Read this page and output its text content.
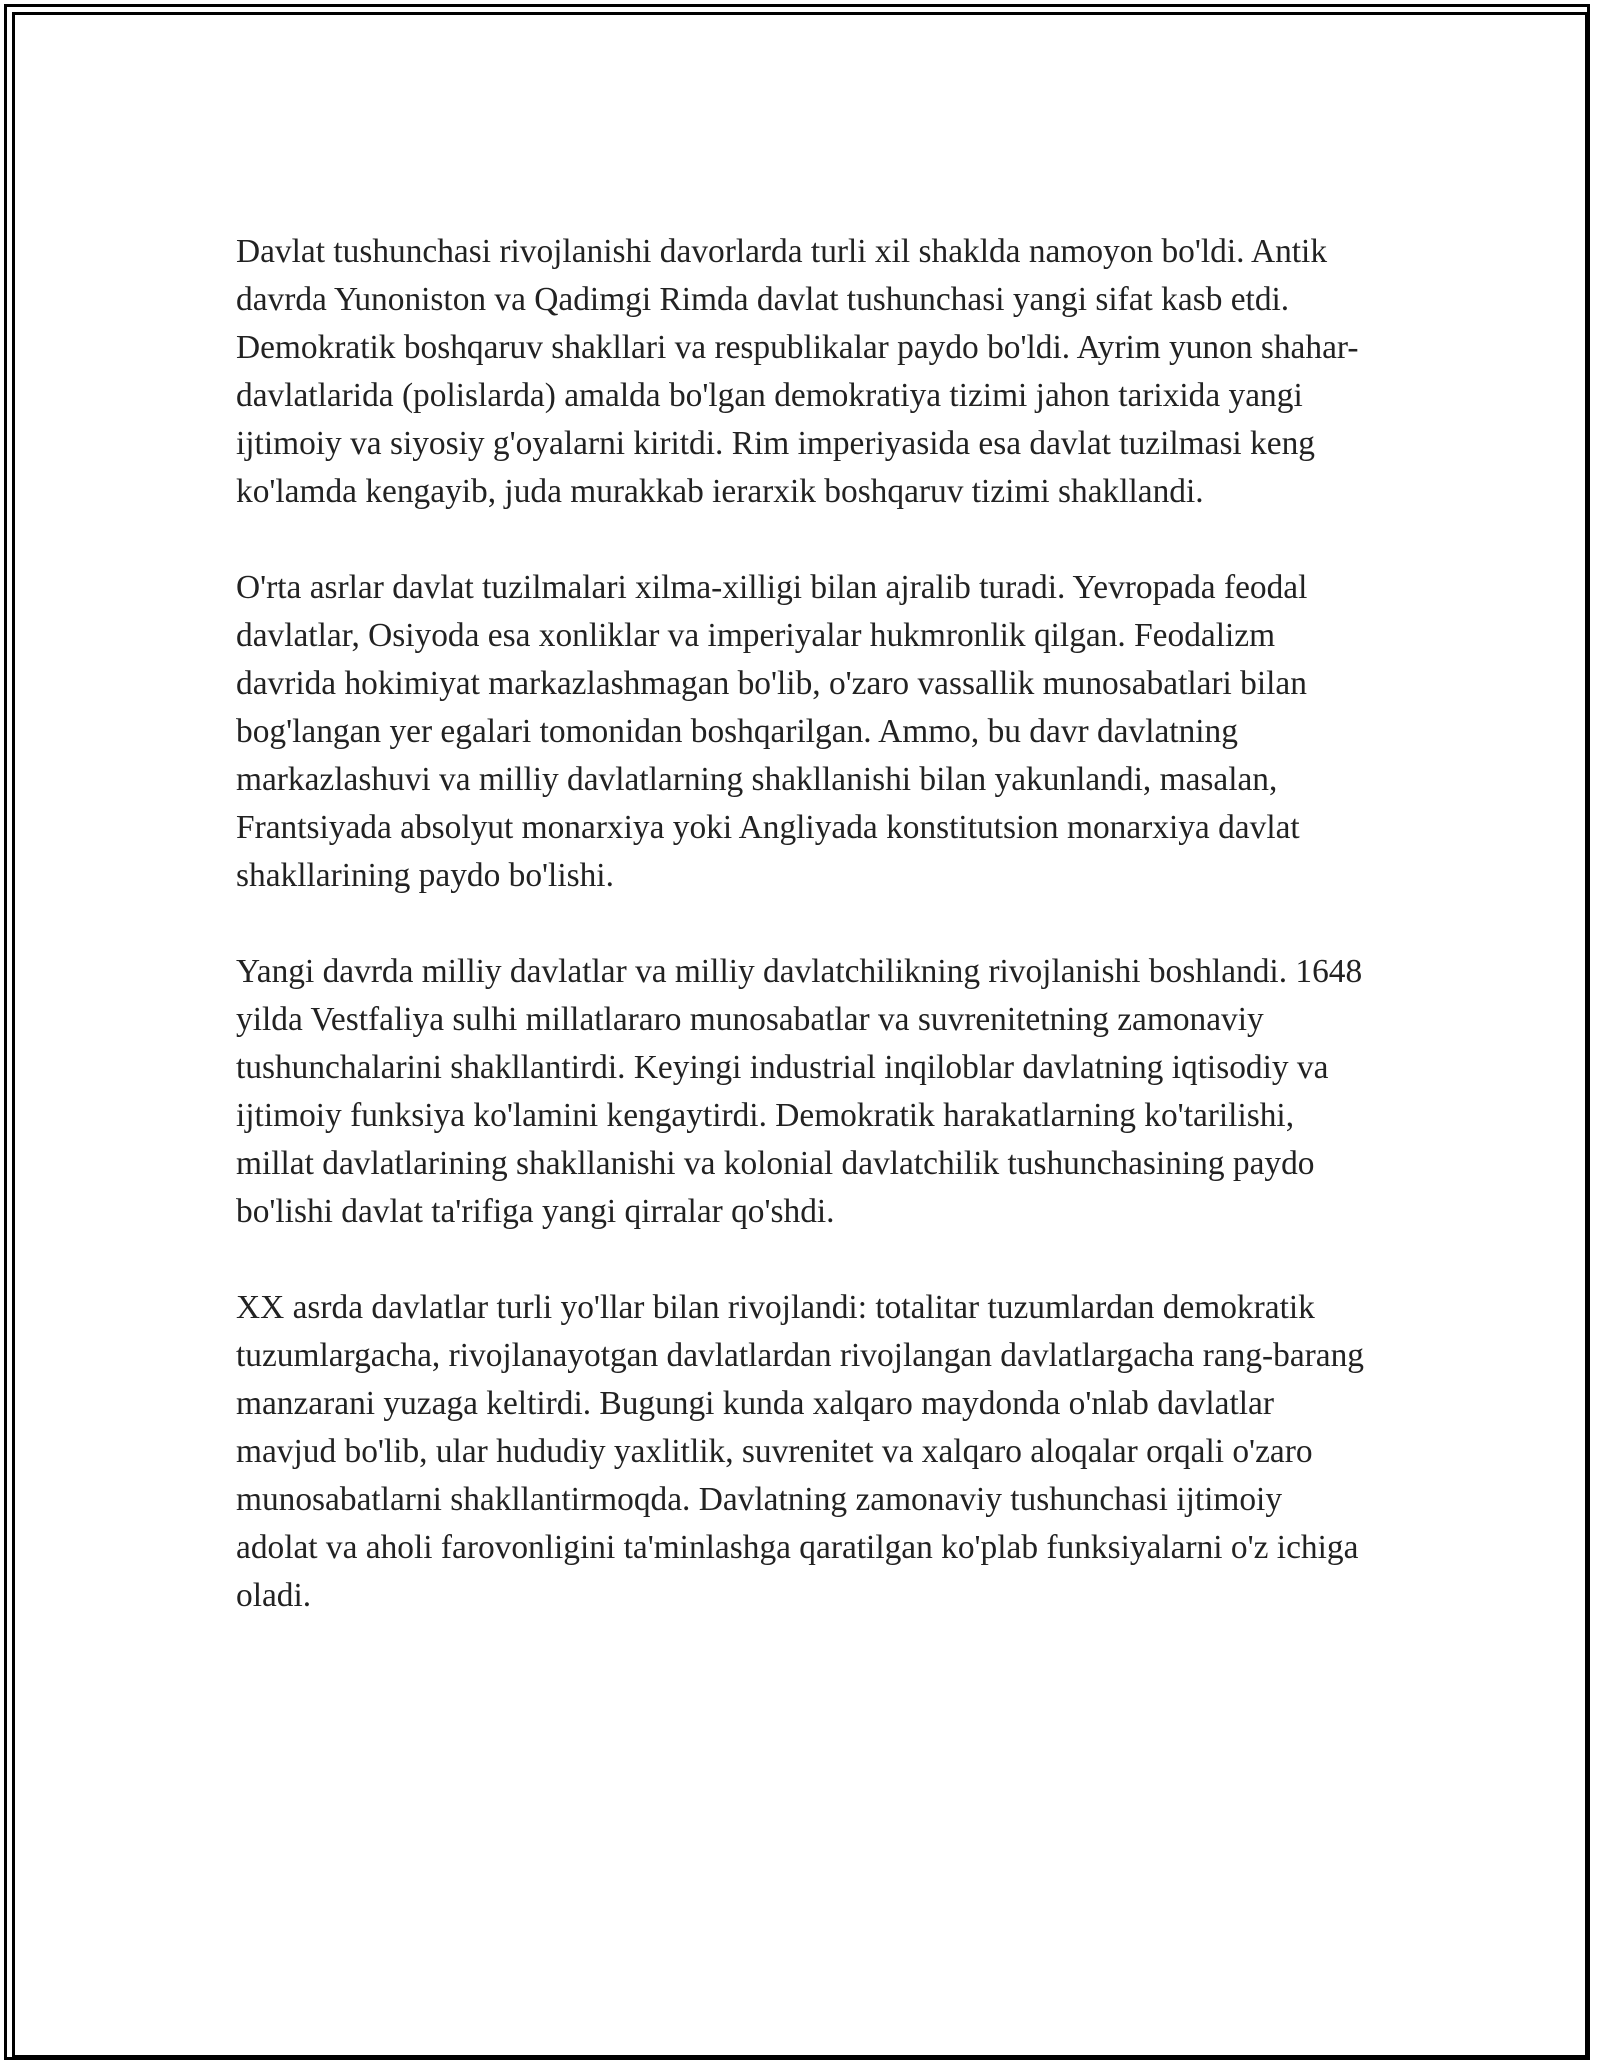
Davlat tushunchasi rivojlanishi davorlarda turli xil shaklda namoyon bo'ldi. Antik davrda Yunoniston va Qadimgi Rimda davlat tushunchasi yangi sifat kasb etdi. Demokratik boshqaruv shakllari va respublikalar paydo bo'ldi. Ayrim yunon shahar-davlatlarida (polislarda) amalda bo'lgan demokratiya tizimi jahon tarixida yangi ijtimoiy va siyosiy g'oyalarni kiritdi. Rim imperiyasida esa davlat tuzilmasi keng ko'lamda kengayib, juda murakkab ierarxik boshqaruv tizimi shakllandi.

O'rta asrlar davlat tuzilmalari xilma-xilligi bilan ajralib turadi. Yevropada feodal davlatlar, Osiyoda esa xonliklar va imperiyalar hukmronlik qilgan. Feodalizm davrida hokimiyat markazlashmagan bo'lib, o'zaro vassallik munosabatlari bilan bog'langan yer egalari tomonidan boshqarilgan. Ammo, bu davr davlatning markazlashuvi va milliy davlatlarning shakllanishi bilan yakunlandi, masalan, Frantsiyada absolyut monarxiya yoki Angliyada konstitutsion monarxiya davlat shakllarining paydo bo'lishi.

Yangi davrda milliy davlatlar va milliy davlatchilikning rivojlanishi boshlandi. 1648 yilda Vestfaliya sulhi millatlararo munosabatlar va suvrenitetning zamonaviy tushunchalarini shakllantirdi. Keyingi industrial inqiloblar davlatning iqtisodiy va ijtimoiy funksiya ko'lamini kengaytirdi. Demokratik harakatlarning ko'tarilishi, millat davlatlarining shakllanishi va kolonial davlatchilik tushunchasining paydo bo'lishi davlat ta'rifiga yangi qirralar qo'shdi.

XX asrda davlatlar turli yo'llar bilan rivojlandi: totalitar tuzumlardan demokratik tuzumlargacha, rivojlanayotgan davlatlardan rivojlangan davlatlargacha rang-barang manzarani yuzaga keltirdi. Bugungi kunda xalqaro maydonda o'nlab davlatlar mavjud bo'lib, ular hududiy yaxlitlik, suvrenitet va xalqaro aloqalar orqali o'zaro munosabatlarni shakllantirmoqda. Davlatning zamonaviy tushunchasi ijtimoiy adolat va aholi farovonligini ta'minlashga qaratilgan ko'plab funksiyalarni o'z ichiga oladi.
